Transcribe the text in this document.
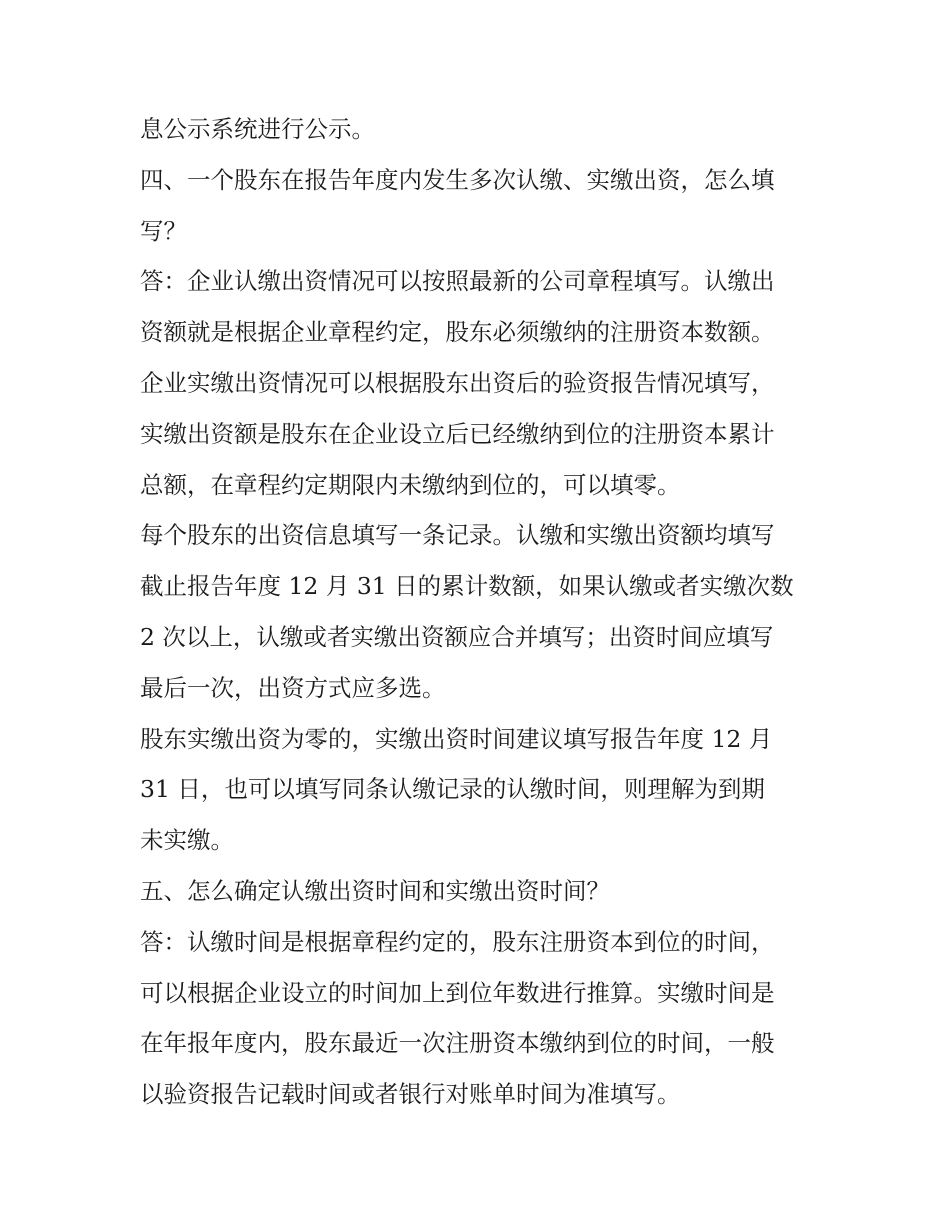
息公示系统进行公示。
四、一个股东在报告年度内发生多次认缴、实缴出资，怎么填
写？
答：企业认缴出资情况可以按照最新的公司章程填写。认缴出
资额就是根据企业章程约定，股东必须缴纳的注册资本数额。
企业实缴出资情况可以根据股东出资后的验资报告情况填写，
实缴出资额是股东在企业设立后已经缴纳到位的注册资本累计
总额，在章程约定期限内未缴纳到位的，可以填零。
每个股东的出资信息填写一条记录。认缴和实缴出资额均填写
截止报告年度 12 月 31 日的累计数额，如果认缴或者实缴次数
2 次以上，认缴或者实缴出资额应合并填写；出资时间应填写
最后一次，出资方式应多选。
股东实缴出资为零的，实缴出资时间建议填写报告年度 12 月
31 日，也可以填写同条认缴记录的认缴时间，则理解为到期
未实缴。
五、怎么确定认缴出资时间和实缴出资时间？
答：认缴时间是根据章程约定的，股东注册资本到位的时间，
可以根据企业设立的时间加上到位年数进行推算。实缴时间是
在年报年度内，股东最近一次注册资本缴纳到位的时间，一般
以验资报告记载时间或者银行对账单时间为准填写。
